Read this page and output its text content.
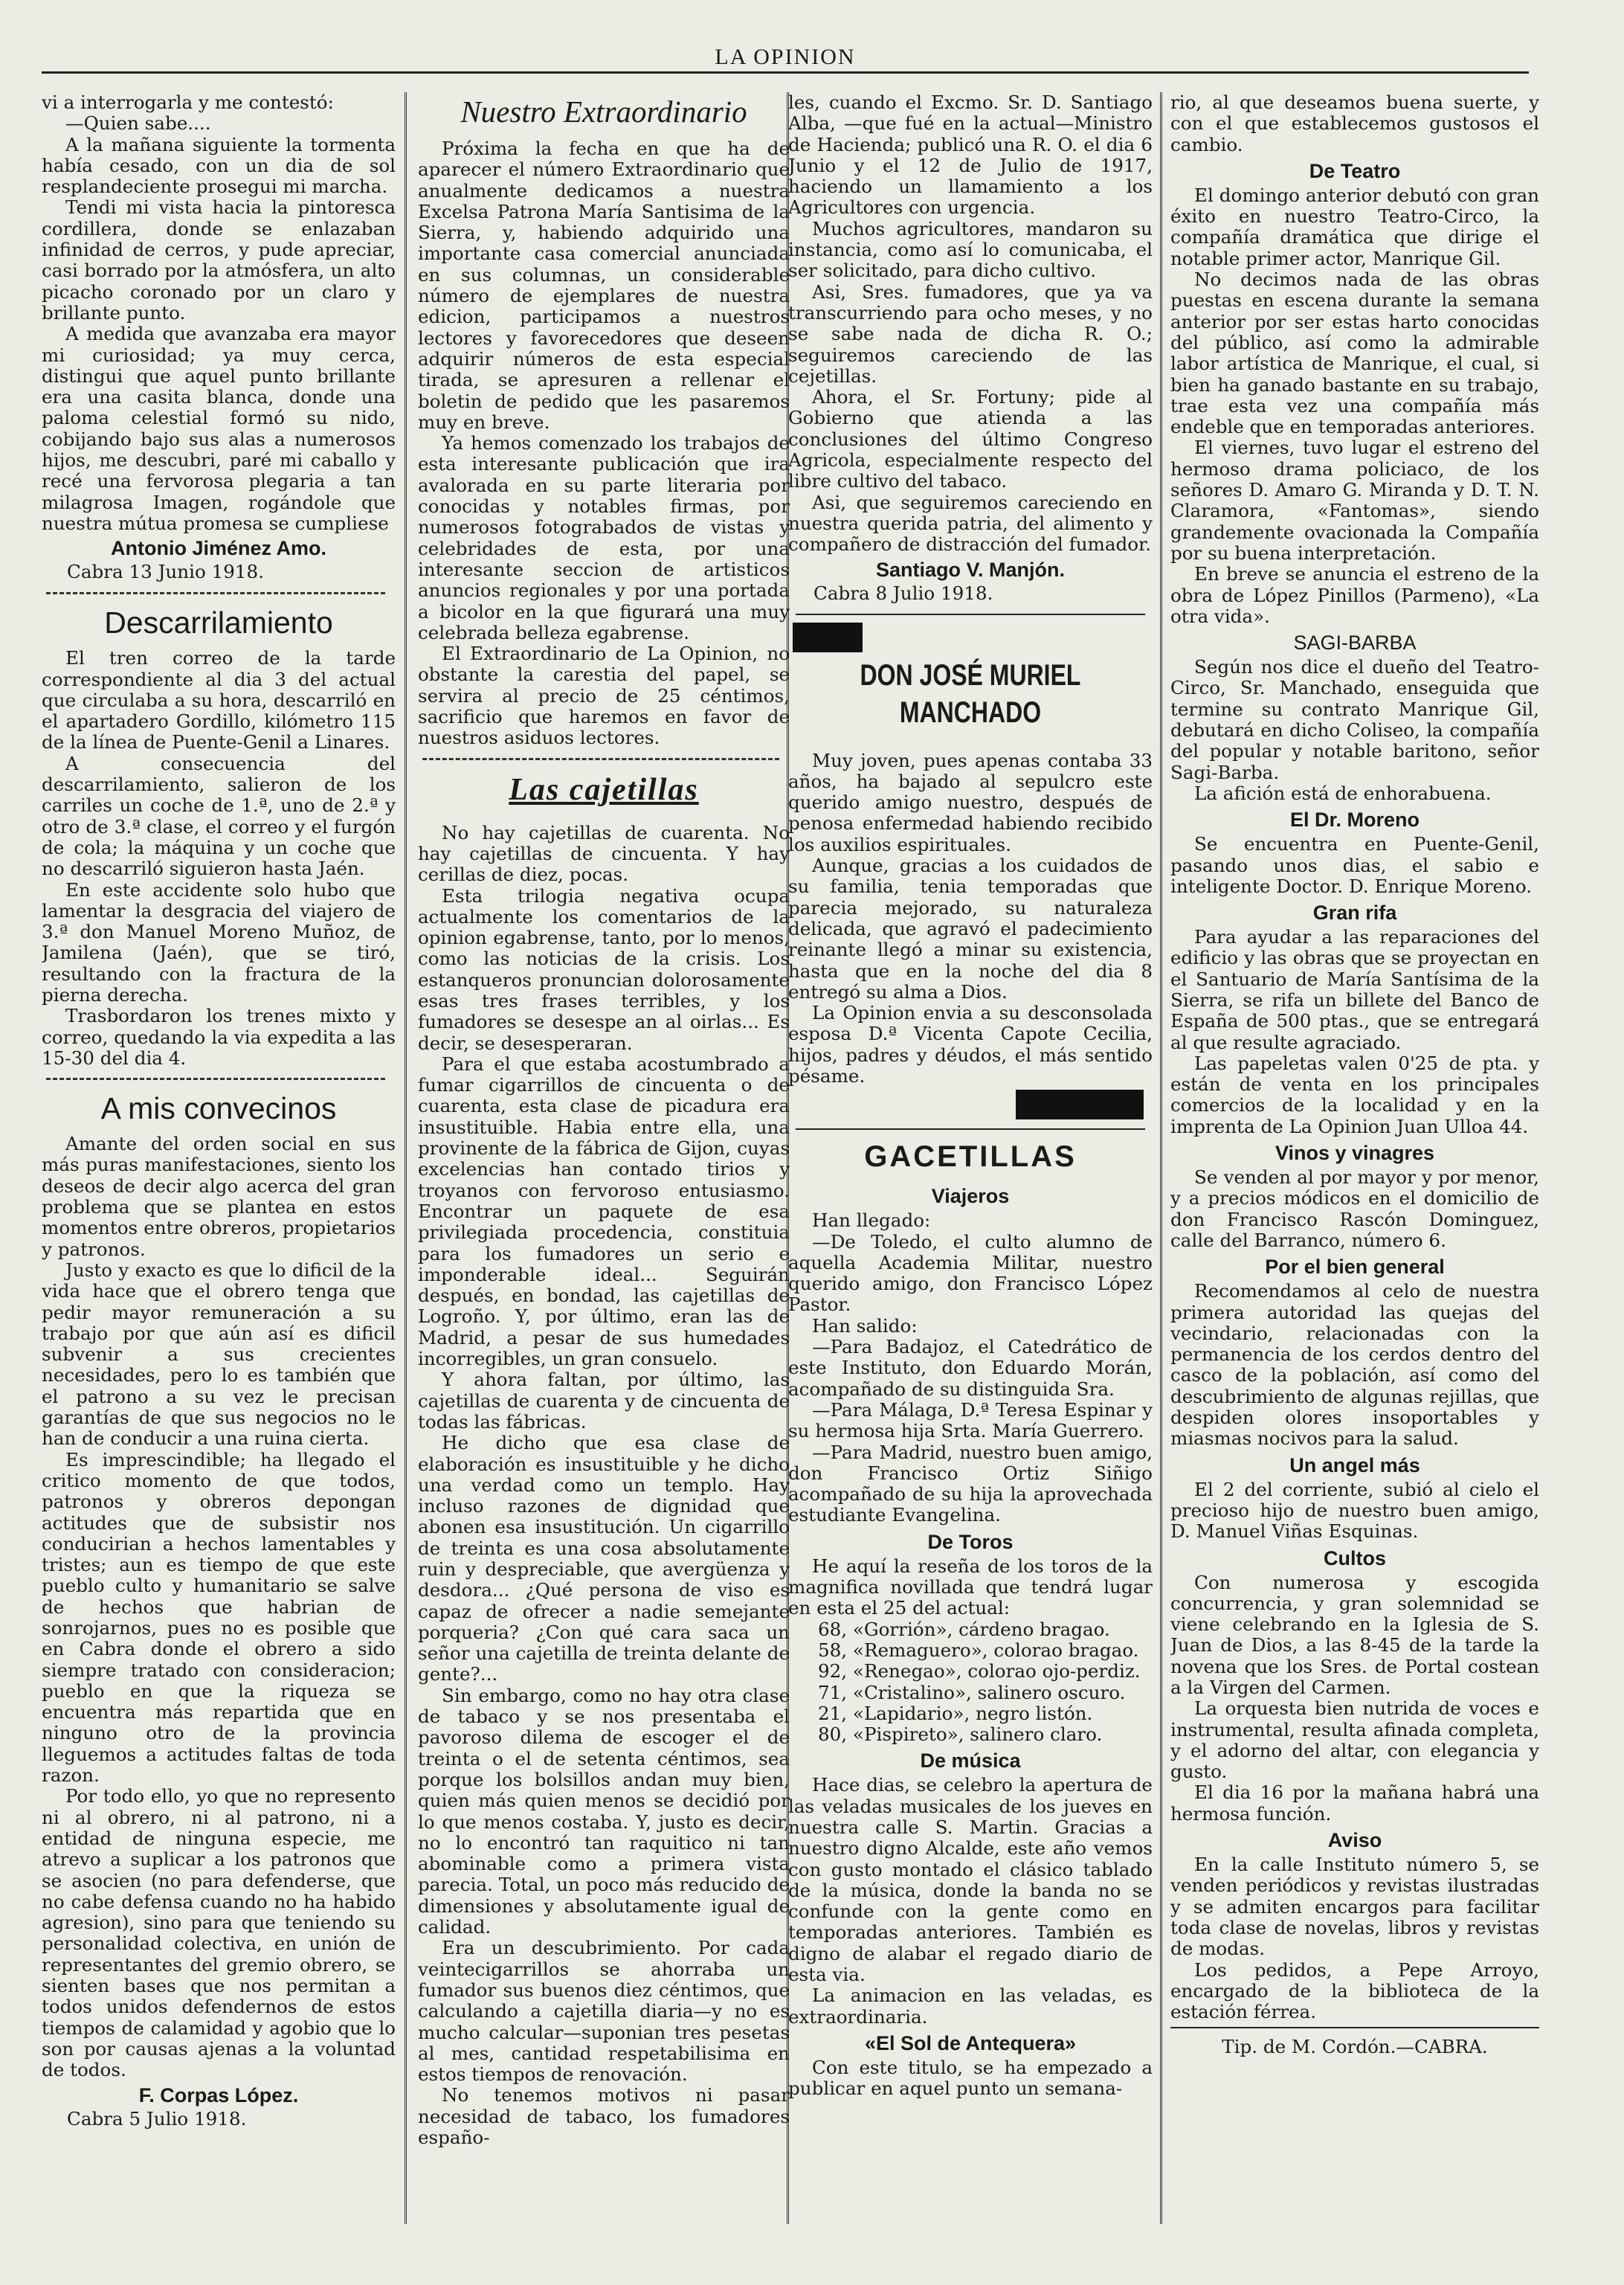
LA OPINION

vi a interrogarla y me contestó:

—Quien sabe....

A la mañana siguiente la tormenta había cesado, con un dia de sol resplandeciente prosegui mi marcha.

Tendi mi vista hacia la pintoresca cordillera, donde se enlazaban infinidad de cerros, y pude apreciar, casi borrado por la atmósfera, un alto picacho coronado por un claro y brillante punto.

A medida que avanzaba era mayor mi curiosidad; ya muy cerca, distingui que aquel punto brillante era una casita blanca, donde una paloma celestial formó su nido, cobijando bajo sus alas a numerosos hijos, me descubri, paré mi caballo y recé una fervorosa plegaria a tan milagrosa Imagen, rogándole que nuestra mútua promesa se cumpliese

Antonio Jiménez Amo.
Cabra 13 Junio 1918.
Descarrilamiento

El tren correo de la tarde correspondiente al dia 3 del actual que circulaba a su hora, descarriló en el apartadero Gordillo, kilómetro 115 de la línea de Puente-Genil a Linares.

A consecuencia del descarrilamiento, salieron de los carriles un coche de 1.ª, uno de 2.ª y otro de 3.ª clase, el correo y el furgón de cola; la máquina y un coche que no descarriló siguieron hasta Jaén.

En este accidente solo hubo que lamentar la desgracia del viajero de 3.ª don Manuel Moreno Muñoz, de Jamilena (Jaén), que se tiró, resultando con la fractura de la pierna derecha.

Trasbordaron los trenes mixto y correo, quedando la via expedita a las 15-30 del dia 4.

A mis convecinos

Amante del orden social en sus más puras manifestaciones, siento los deseos de decir algo acerca del gran problema que se plantea en estos momentos entre obreros, propietarios y patronos.

Justo y exacto es que lo dificil de la vida hace que el obrero tenga que pedir mayor remuneración a su trabajo por que aún así es dificil subvenir a sus crecientes necesidades, pero lo es también que el patrono a su vez le precisan garantías de que sus negocios no le han de conducir a una ruina cierta.

Es imprescindible; ha llegado el critico momento de que todos, patronos y obreros depongan actitudes que de subsistir nos conducirian a hechos lamentables y tristes; aun es tiempo de que este pueblo culto y humanitario se salve de hechos que habrian de sonrojarnos, pues no es posible que en Cabra donde el obrero a sido siempre tratado con consideracion; pueblo en que la riqueza se encuentra más repartida que en ninguno otro de la provincia lleguemos a actitudes faltas de toda razon.

Por todo ello, yo que no represento ni al obrero, ni al patrono, ni a entidad de ninguna especie, me atrevo a suplicar a los patronos que se asocien (no para defenderse, que no cabe defensa cuando no ha habido agresion), sino para que teniendo su personalidad colectiva, en unión de representantes del gremio obrero, se sienten bases que nos permitan a todos unidos defendernos de estos tiempos de calamidad y agobio que lo son por causas ajenas a la voluntad de todos.

F. Corpas López.
Cabra 5 Julio 1918.
Nuestro Extraordinario

Próxima la fecha en que ha de aparecer el número Extraordinario que anualmente dedicamos a nuestra Excelsa Patrona María Santisima de la Sierra, y, habiendo adquirido una importante casa comercial anunciada en sus columnas, un considerable número de ejemplares de nuestra edicion, participamos a nuestros lectores y favorecedores que deseen adquirir números de esta especial tirada, se apresuren a rellenar el boletin de pedido que les pasaremos muy en breve.

Ya hemos comenzado los trabajos de esta interesante publicación que ira avalorada en su parte literaria por conocidas y notables firmas, por numerosos fotograbados de vistas y celebridades de esta, por una interesante seccion de artisticos anuncios regionales y por una portada a bicolor en la que figurará una muy celebrada belleza egabrense.

El Extraordinario de La Opinion, no obstante la carestia del papel, se servira al precio de 25 céntimos, sacrificio que haremos en favor de nuestros asiduos lectores.

Las cajetillas

No hay cajetillas de cuarenta. No hay cajetillas de cincuenta. Y hay cerillas de diez, pocas.

Esta trilogia negativa ocupa actualmente los comentarios de la opinion egabrense, tanto, por lo menos, como las noticias de la crisis. Los estanqueros pronuncian dolorosamente esas tres frases terribles, y los fumadores se desespe an al oirlas... Es decir, se desesperaran.

Para el que estaba acostumbrado a fumar cigarrillos de cincuenta o de cuarenta, esta clase de picadura era insustituible. Habia entre ella, una provinente de la fábrica de Gijon, cuyas excelencias han contado tirios y troyanos con fervoroso entusiasmo. Encontrar un paquete de esa privilegiada procedencia, constituia para los fumadores un serio e imponderable ideal... Seguirán después, en bondad, las cajetillas de Logroño. Y, por último, eran las de Madrid, a pesar de sus humedades incorregibles, un gran consuelo.

Y ahora faltan, por último, las cajetillas de cuarenta y de cincuenta de todas las fábricas.

He dicho que esa clase de elaboración es insustituible y he dicho una verdad como un templo. Hay incluso razones de dignidad que abonen esa insustitución. Un cigarrillo de treinta es una cosa absolutamente ruin y despreciable, que avergüenza y desdora... ¿Qué persona de viso es capaz de ofrecer a nadie semejante porqueria? ¿Con qué cara saca un señor una cajetilla de treinta delante de gente?...

Sin embargo, como no hay otra clase de tabaco y se nos presentaba el pavoroso dilema de escoger el de treinta o el de setenta céntimos, sea porque los bolsillos andan muy bien, quien más quien menos se decidió por lo que menos costaba. Y, justo es decir, no lo encontró tan raquitico ni tan abominable como a primera vista parecia. Total, un poco más reducido de dimensiones y absolutamente igual de calidad.

Era un descubrimiento. Por cada veintecigarrillos se ahorraba un fumador sus buenos diez céntimos, que calculando a cajetilla diaria—y no es mucho calcular—suponian tres pesetas al mes, cantidad respetabilisima en estos tiempos de renovación.

No tenemos motivos ni pasar necesidad de tabaco, los fumadores españo-

les, cuando el Excmo. Sr. D. Santiago Alba, —que fué en la actual—Ministro de Hacienda; publicó una R. O. el dia 6 Junio y el 12 de Julio de 1917, haciendo un llamamiento a los Agricultores con urgencia.

Muchos agricultores, mandaron su instancia, como así lo comunicaba, el ser solicitado, para dicho cultivo.

Asi, Sres. fumadores, que ya va transcurriendo para ocho meses, y no se sabe nada de dicha R. O.; seguiremos careciendo de las cejetillas.

Ahora, el Sr. Fortuny; pide al Gobierno que atienda a las conclusiones del último Congreso Agricola, especialmente respecto del libre cultivo del tabaco.

Asi, que seguiremos careciendo en nuestra querida patria, del alimento y compañero de distracción del fumador.

Santiago V. Manjón.
Cabra 8 Julio 1918.
DON JOSÉ MURIEL MANCHADO

Muy joven, pues apenas contaba 33 años, ha bajado al sepulcro este querido amigo nuestro, después de penosa enfermedad habiendo recibido los auxilios espirituales.

Aunque, gracias a los cuidados de su familia, tenia temporadas que parecia mejorado, su naturaleza delicada, que agravó el padecimiento reinante llegó a minar su existencia, hasta que en la noche del dia 8 entregó su alma a Dios.

La Opinion envia a su desconsolada esposa D.ª Vicenta Capote Cecilia, hijos, padres y déudos, el más sentido pésame.

GACETILLAS
Viajeros

Han llegado:

—De Toledo, el culto alumno de aquella Academia Militar, nuestro querido amigo, don Francisco López Pastor.

Han salido:

—Para Badajoz, el Catedrático de este Instituto, don Eduardo Morán, acompañado de su distinguida Sra.

—Para Málaga, D.ª Teresa Espinar y su hermosa hija Srta. María Guerrero.

—Para Madrid, nuestro buen amigo, don Francisco Ortiz Siñigo acompañado de su hija la aprovechada estudiante Evangelina.

De Toros

He aquí la reseña de los toros de la magnifica novillada que tendrá lugar en esta el 25 del actual:

68, «Gorrión», cárdeno bragao.

58, «Remaguero», colorao bragao.

92, «Renegao», colorao ojo-perdiz.

71, «Cristalino», salinero oscuro.

21, «Lapidario», negro listón.

80, «Pispireto», salinero claro.

De música

Hace dias, se celebro la apertura de las veladas musicales de los jueves en nuestra calle S. Martin. Gracias a nuestro digno Alcalde, este año vemos con gusto montado el clásico tablado de la música, donde la banda no se confunde con la gente como en temporadas anteriores. También es digno de alabar el regado diario de esta via.

La animacion en las veladas, es extraordinaria.

«El Sol de Antequera»

Con este titulo, se ha empezado a publicar en aquel punto un semana-

rio, al que deseamos buena suerte, y con el que establecemos gustosos el cambio.

De Teatro

El domingo anterior debutó con gran éxito en nuestro Teatro-Circo, la compañía dramática que dirige el notable primer actor, Manrique Gil.

No decimos nada de las obras puestas en escena durante la semana anterior por ser estas harto conocidas del público, así como la admirable labor artística de Manrique, el cual, si bien ha ganado bastante en su trabajo, trae esta vez una compañía más endeble que en temporadas anteriores.

El viernes, tuvo lugar el estreno del hermoso drama policiaco, de los señores D. Amaro G. Miranda y D. T. N. Claramora, «Fantomas», siendo grandemente ovacionada la Compañía por su buena interpretación.

En breve se anuncia el estreno de la obra de López Pinillos (Parmeno), «La otra vida».

SAGI-BARBA

Según nos dice el dueño del Teatro-Circo, Sr. Manchado, enseguida que termine su contrato Manrique Gil, debutará en dicho Coliseo, la compañía del popular y notable baritono, señor Sagi-Barba.

La afición está de enhorabuena.

El Dr. Moreno

Se encuentra en Puente-Genil, pasando unos dias, el sabio e inteligente Doctor. D. Enrique Moreno.

Gran rifa

Para ayudar a las reparaciones del edificio y las obras que se proyectan en el Santuario de María Santísima de la Sierra, se rifa un billete del Banco de España de 500 ptas., que se entregará al que resulte agraciado.

Las papeletas valen 0'25 de pta. y están de venta en los principales comercios de la localidad y en la imprenta de La Opinion Juan Ulloa 44.

Vinos y vinagres

Se venden al por mayor y por menor, y a precios módicos en el domicilio de don Francisco Rascón Dominguez, calle del Barranco, número 6.

Por el bien general

Recomendamos al celo de nuestra primera autoridad las quejas del vecindario, relacionadas con la permanencia de los cerdos dentro del casco de la población, así como del descubrimiento de algunas rejillas, que despiden olores insoportables y miasmas nocivos para la salud.

Un angel más

El 2 del corriente, subió al cielo el precioso hijo de nuestro buen amigo, D. Manuel Viñas Esquinas.

Cultos

Con numerosa y escogida concurrencia, y gran solemnidad se viene celebrando en la Iglesia de S. Juan de Dios, a las 8-45 de la tarde la novena que los Sres. de Portal costean a la Virgen del Carmen.

La orquesta bien nutrida de voces e instrumental, resulta afinada completa, y el adorno del altar, con elegancia y gusto.

El dia 16 por la mañana habrá una hermosa función.

Aviso

En la calle Instituto número 5, se venden periódicos y revistas ilustradas y se admiten encargos para facilitar toda clase de novelas, libros y revistas de modas.

Los pedidos, a Pepe Arroyo, encargado de la biblioteca de la estación férrea.

Tip. de M. Cordón.—CABRA.
